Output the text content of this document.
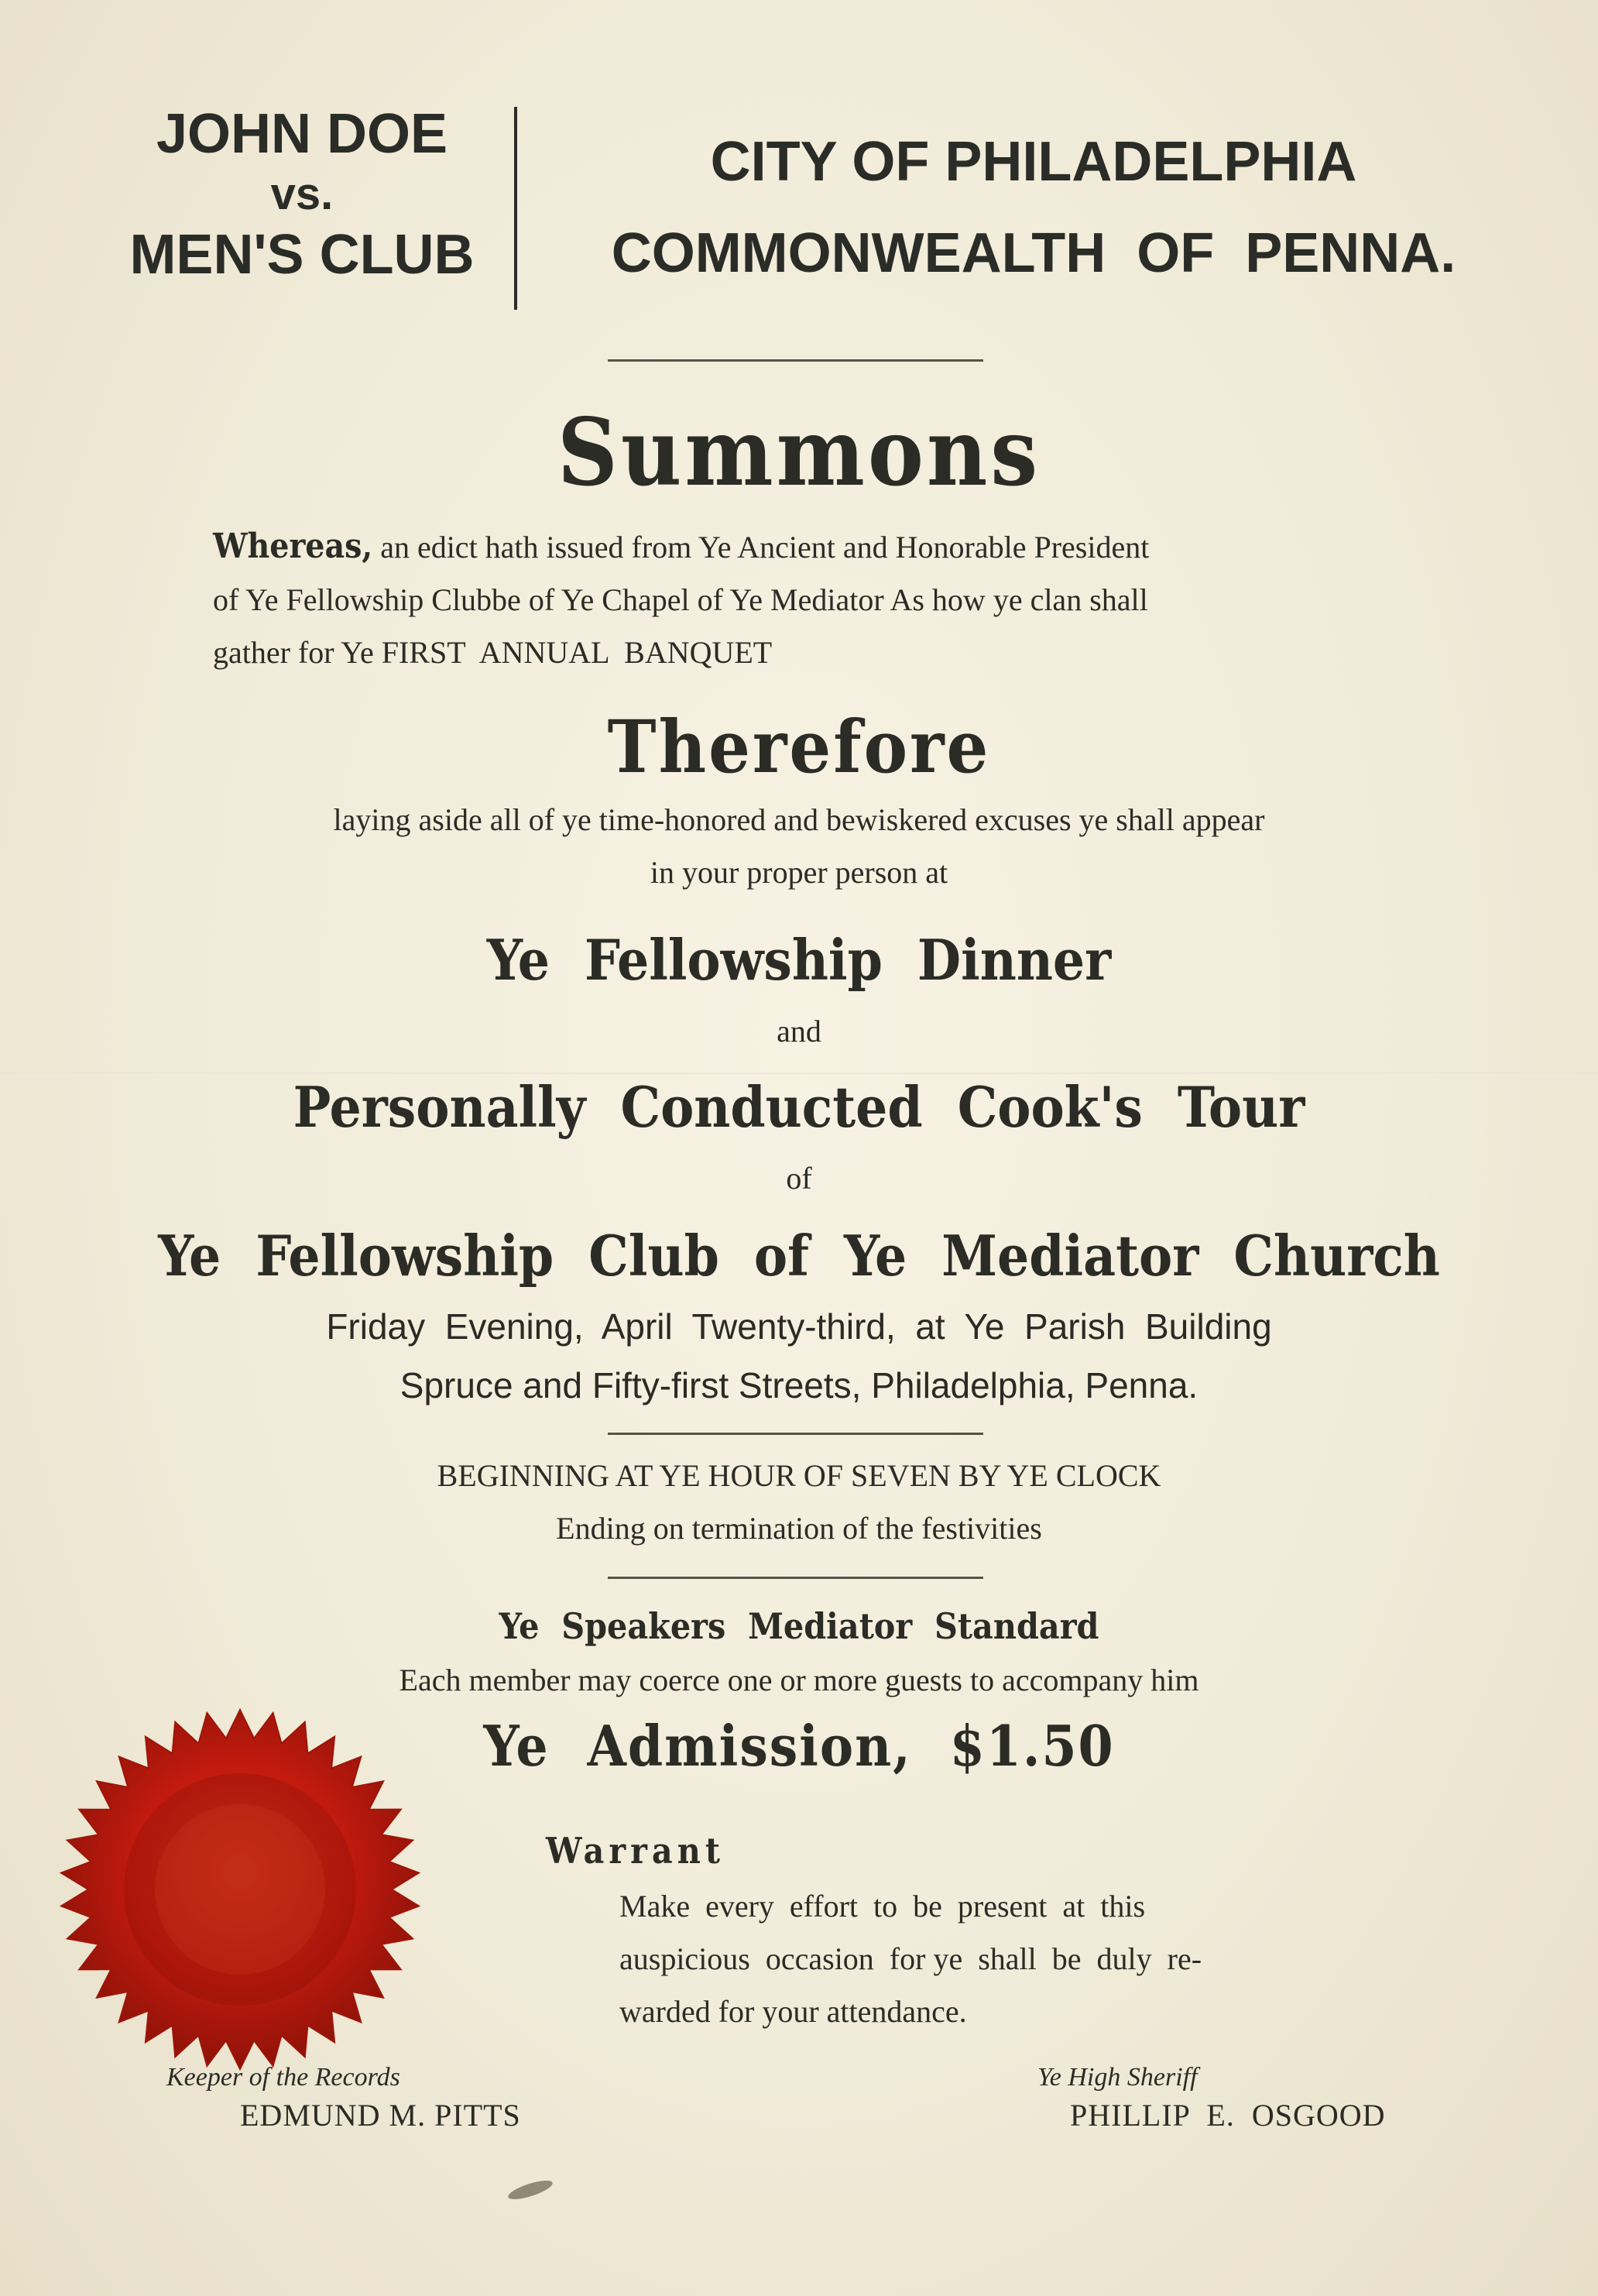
JOHN DOE
vs.
MEN'S CLUB
CITY OF PHILADELPHIA
COMMONWEALTH  OF  PENNA.
Summons
Whereas, an edict hath issued from Ye Ancient and Honorable President
of Ye Fellowship Clubbe of Ye Chapel of Ye Mediator As how ye clan shall
gather for Ye FIRST  ANNUAL  BANQUET
Therefore
laying aside all of ye time-honored and bewiskered excuses ye shall appear
in your proper person at
Ye  Fellowship  Dinner
and
Personally  Conducted  Cook's  Tour
of
Ye  Fellowship  Club  of  Ye  Mediator  Church
Friday  Evening,  April  Twenty-third,  at  Ye  Parish  Building
Spruce and Fifty-first Streets, Philadelphia, Penna.
BEGINNING AT YE HOUR OF SEVEN BY YE CLOCK
Ending on termination of the festivities
Ye  Speakers  Mediator  Standard
Each member may coerce one or more guests to accompany him
Ye  Admission,  $1.50
Warrant
Make  every  effort  to  be  present  at  this
auspicious  occasion  for ye  shall  be  duly  re-
warded for your attendance.
Keeper of the Records
EDMUND M. PITTS
Ye High Sheriff
PHILLIP  E.  OSGOOD
